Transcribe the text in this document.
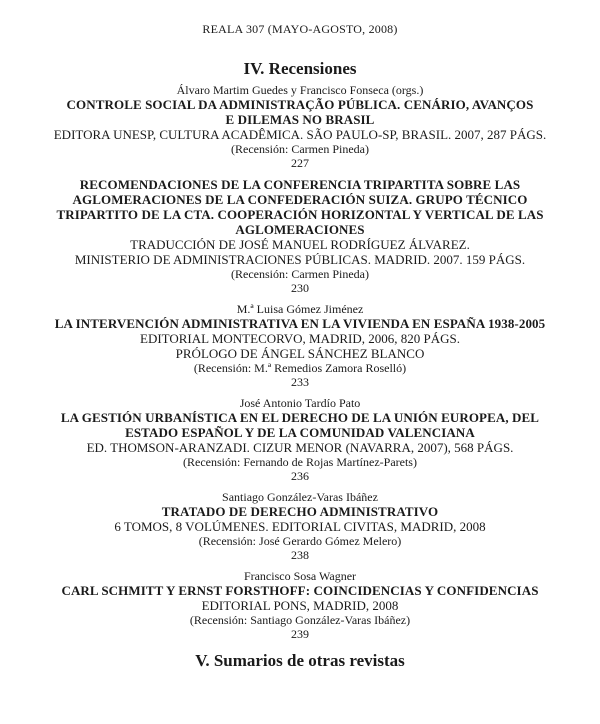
REALA 307 (MAYO-AGOSTO, 2008)
IV. Recensiones
Álvaro Martim Guedes y Francisco Fonseca (orgs.)
CONTROLE SOCIAL DA ADMINISTRAÇÃO PÚBLICA. CENÁRIO, AVANÇOS
E DILEMAS NO BRASIL
EDITORA UNESP, CULTURA ACADÊMICA. SÃO PAULO-SP, BRASIL. 2007, 287 PÁGS.
(Recensión: Carmen Pineda)
227
RECOMENDACIONES DE LA CONFERENCIA TRIPARTITA SOBRE LAS
AGLOMERACIONES DE LA CONFEDERACIÓN SUIZA. GRUPO TÉCNICO
TRIPARTITO DE LA CTA. COOPERACIÓN HORIZONTAL Y VERTICAL DE LAS
AGLOMERACIONES
TRADUCCIÓN DE JOSÉ MANUEL RODRÍGUEZ ÁLVAREZ.
MINISTERIO DE ADMINISTRACIONES PÚBLICAS. MADRID. 2007. 159 PÁGS.
(Recensión: Carmen Pineda)
230
M.ª Luisa Gómez Jiménez
LA INTERVENCIÓN ADMINISTRATIVA EN LA VIVIENDA EN ESPAÑA 1938-2005
EDITORIAL MONTECORVO, MADRID, 2006, 820 PÁGS.
PRÓLOGO DE ÁNGEL SÁNCHEZ BLANCO
(Recensión: M.ª Remedios Zamora Roselló)
233
José Antonio Tardío Pato
LA GESTIÓN URBANÍSTICA EN EL DERECHO DE LA UNIÓN EUROPEA, DEL
ESTADO ESPAÑOL Y DE LA COMUNIDAD VALENCIANA
ED. THOMSON-ARANZADI. CIZUR MENOR (NAVARRA, 2007), 568 PÁGS.
(Recensión: Fernando de Rojas Martínez-Parets)
236
Santiago González-Varas Ibáñez
TRATADO DE DERECHO ADMINISTRATIVO
6 TOMOS, 8 VOLÚMENES. EDITORIAL CIVITAS, MADRID, 2008
(Recensión: José Gerardo Gómez Melero)
238
Francisco Sosa Wagner
CARL SCHMITT Y ERNST FORSTHOFF: COINCIDENCIAS Y CONFIDENCIAS
EDITORIAL PONS, MADRID, 2008
(Recensión: Santiago González-Varas Ibáñez)
239
V. Sumarios de otras revistas
